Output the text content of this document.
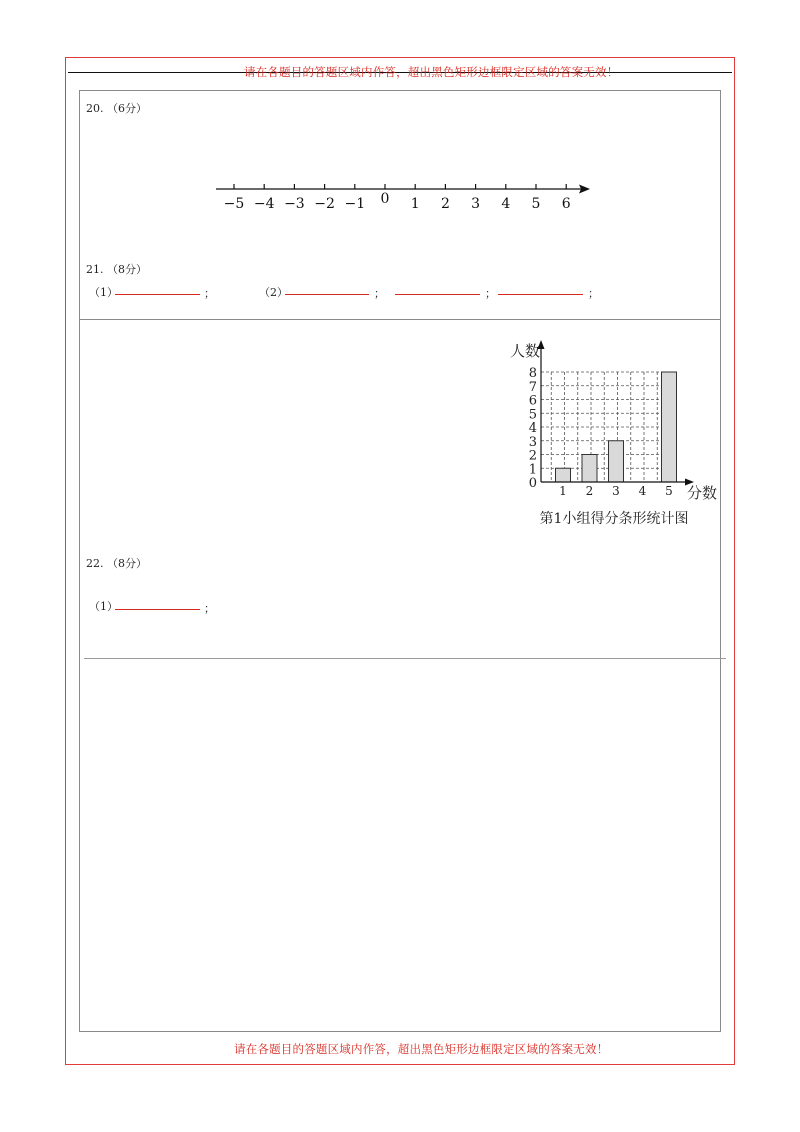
请在各题目的答题区域内作答，超出黑色矩形边框限定区域的答案无效！
20. （6分）
−5 −4 −3 −2 −1 0 1 2 3 4 5 6
21. （8分）
（1）	；	（2）	；	；	；
1 2 3 4 5
0
1
2
3
4
5
6
7
8
人数
分数
第1小组得分条形统计图
22. （8分）
（1）	；
请在各题目的答题区域内作答，超出黑色矩形边框限定区域的答案无效！
